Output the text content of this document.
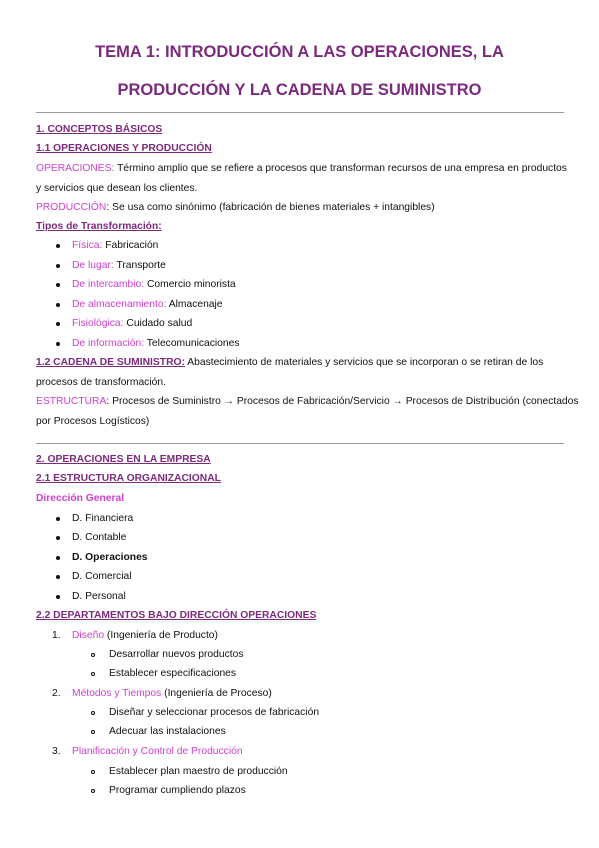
TEMA 1: INTRODUCCIÓN A LAS OPERACIONES, LA
PRODUCCIÓN Y LA CADENA DE SUMINISTRO
1. CONCEPTOS BÁSICOS
1.1 OPERACIONES Y PRODUCCIÓN
OPERACIONES: Término amplio que se refiere a procesos que transforman recursos de una empresa en productos
y servicios que desean los clientes.
PRODUCCIÓN: Se usa como sinónimo (fabricación de bienes materiales + intangibles)
Tipos de Transformación:
Física: Fabricación
De lugar: Transporte
De intercambio: Comercio minorista
De almacenamiento: Almacenaje
Fisiológica: Cuidado salud
De información: Telecomunicaciones
1.2 CADENA DE SUMINISTRO: Abastecimiento de materiales y servicios que se incorporan o se retiran de los
procesos de transformación.
ESTRUCTURA: Procesos de Suministro → Procesos de Fabricación/Servicio → Procesos de Distribución (conectados
por Procesos Logísticos)
2. OPERACIONES EN LA EMPRESA
2.1 ESTRUCTURA ORGANIZACIONAL
Dirección General
D. Financiera
D. Contable
D. Operaciones
D. Comercial
D. Personal
2.2 DEPARTAMENTOS BAJO DIRECCIÓN OPERACIONES
1. Diseño (Ingeniería de Producto)
Desarrollar nuevos productos
Establecer especificaciones
2. Métodos y Tiempos (Ingeniería de Proceso)
Diseñar y seleccionar procesos de fabricación
Adecuar las instalaciones
3. Planificación y Control de Producción
Establecer plan maestro de producción
Programar cumpliendo plazos
